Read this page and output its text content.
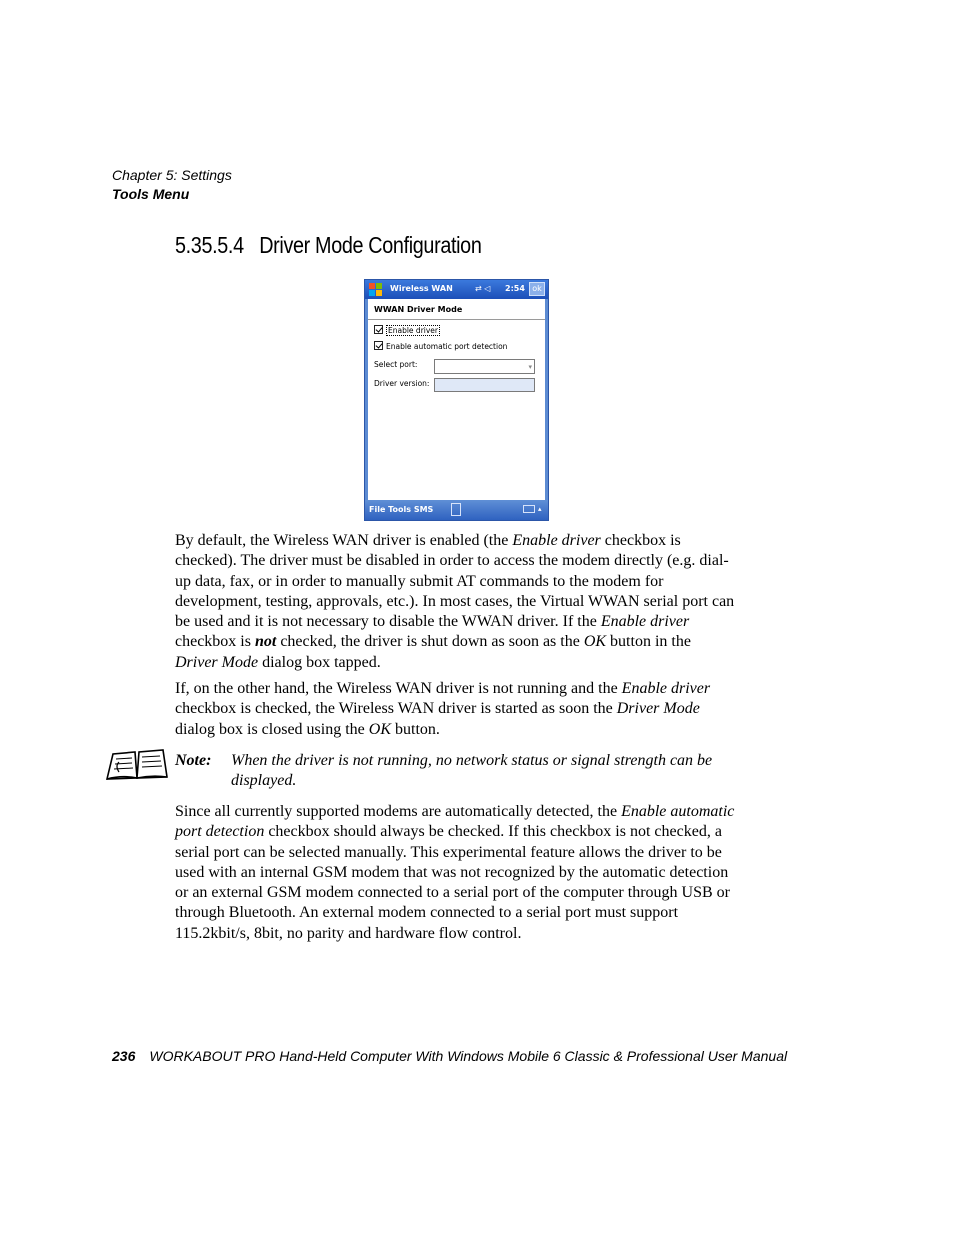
Chapter 5: Settings
Tools Menu
5.35.5.4 Driver Mode Configuration
Wireless WAN	⇄ ◁ 2:54 ok
WWAN Driver Mode
Enable driver
Enable automatic port detection
Select port:	▾
Driver version:
File Tools SMS	▴

By default, the Wireless WAN driver is enabled (the Enable driver checkbox is checked). The driver must be disabled in order to access the modem directly (e.g. dial-up data, fax, or in order to manually submit AT commands to the modem for development, testing, approvals, etc.). In most cases, the Virtual WWAN serial port can be used and it is not necessary to disable the WWAN driver. If the Enable driver checkbox is not checked, the driver is shut down as soon as the OK button in the Driver Mode dialog box tapped.

If, on the other hand, the Wireless WAN driver is not running and the Enable driver checkbox is checked, the Wireless WAN driver is started as soon the Driver Mode dialog box is closed using the OK button.

Note: When the driver is not running, no network status or signal strength can be displayed.

Since all currently supported modems are automatically detected, the Enable automatic port detection checkbox should always be checked. If this checkbox is not checked, a serial port can be selected manually. This experimental feature allows the driver to be used with an internal GSM modem that was not recognized by the automatic detection or an external GSM modem connected to a serial port of the computer through USB or through Bluetooth. An external modem connected to a serial port must support 115.2kbit/s, 8bit, no parity and hardware flow control.

236 WORKABOUT PRO Hand-Held Computer With Windows Mobile 6 Classic & Professional User Manual
